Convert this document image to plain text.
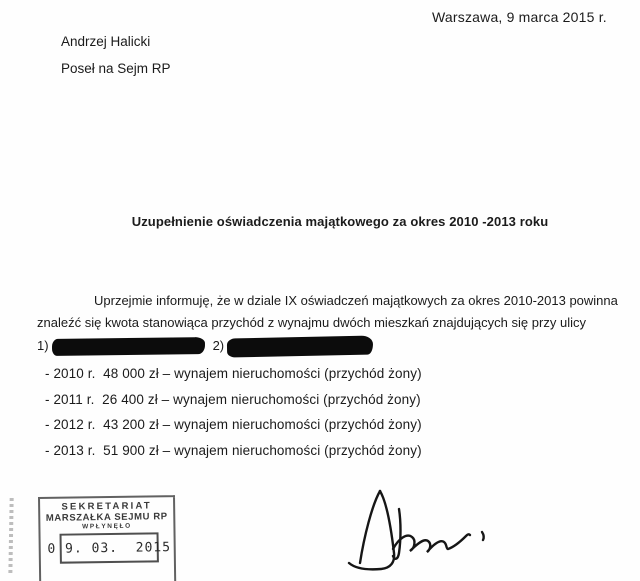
Warszawa, 9 marca 2015 r.
Andrzej Halicki
Poseł na Sejm RP
Uzupełnienie oświadczenia majątkowego za okres 2010 -2013 roku
Uprzejmie informuję, że w dziale IX oświadczeń majątkowych za okres 2010-2013 powinna
znaleźć się kwota stanowiąca przychód z wynajmu dwóch mieszkań znajdujących się przy ulicy
1)	2)
- 2010 r.  48 000 zł – wynajem nieruchomości (przychód żony)
- 2011 r.  26 400 zł – wynajem nieruchomości (przychód żony)
- 2012 r.  43 200 zł – wynajem nieruchomości (przychód żony)
- 2013 r.  51 900 zł – wynajem nieruchomości (przychód żony)
SEKRETARIAT
MARSZAŁKA SEJMU RP
WPŁYNĘŁO
0 9. 03.  2015
